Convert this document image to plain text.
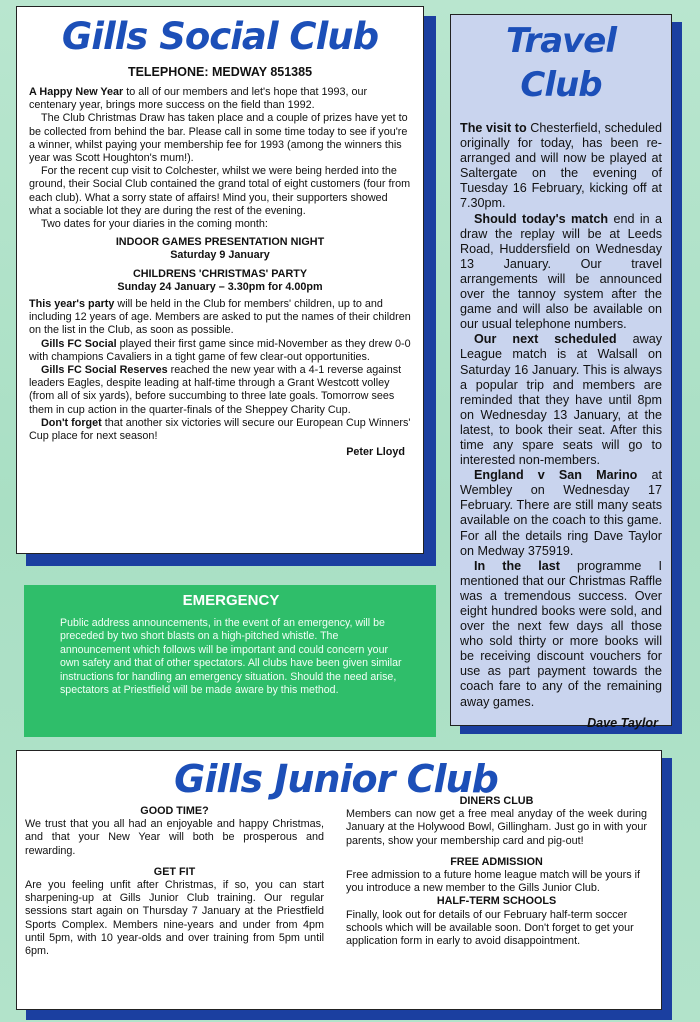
Gills Social Club

TELEPHONE: MEDWAY 851385

A Happy New Year to all of our members and let's hope that 1993, our centenary year, brings more success on the field than 1992.

The Club Christmas Draw has taken place and a couple of prizes have yet to be collected from behind the bar. Please call in some time today to see if you're a winner, whilst paying your membership fee for 1993 (among the winners this year was Scott Houghton's mum!).

For the recent cup visit to Colchester, whilst we were being herded into the ground, their Social Club contained the grand total of eight customers (four from each club). What a sorry state of affairs! Mind you, their supporters showed what a sociable lot they are during the rest of the evening.

Two dates for your diaries in the coming month:

INDOOR GAMES PRESENTATION NIGHT

Saturday 9 January

CHILDRENS 'CHRISTMAS' PARTY

Sunday 24 January – 3.30pm for 4.00pm

This year's party will be held in the Club for members' children, up to and including 12 years of age. Members are asked to put the names of their children on the list in the Club, as soon as possible.

Gills FC Social played their first game since mid-November as they drew 0-0 with champions Cavaliers in a tight game of few clear-out opportunities.

Gills FC Social Reserves reached the new year with a 4-1 reverse against leaders Eagles, despite leading at half-time through a Grant Westcott volley (from all of six yards), before succumbing to three late goals. Tomorrow sees them in cup action in the quarter-finals of the Sheppey Charity Cup.

Don't forget that another six victories will secure our European Cup Winners' Cup place for next season!

Peter Lloyd

Travel Club

The visit to Chesterfield, scheduled originally for today, has been re-arranged and will now be played at Saltergate on the evening of Tuesday 16 February, kicking off at 7.30pm.

Should today's match end in a draw the replay will be at Leeds Road, Huddersfield on Wednesday 13 January. Our travel arrangements will be announced over the tannoy system after the game and will also be available on our usual telephone numbers.

Our next scheduled away League match is at Walsall on Saturday 16 January. This is always a popular trip and members are reminded that they have until 8pm on Wednesday 13 January, at the latest, to book their seat. After this time any spare seats will go to interested non-members.

England v San Marino at Wembley on Wednesday 17 February. There are still many seats available on the coach to this game. For all the details ring Dave Taylor on Medway 375919.

In the last programme I mentioned that our Christmas Raffle was a tremendous success. Over eight hundred books were sold, and over the next few days all those who sold thirty or more books will be receiving discount vouchers for use as part payment towards the coach fare to any of the remaining away games.

Dave Taylor

EMERGENCY

Public address announcements, in the event of an emergency, will be preceded by two short blasts on a high-pitched whistle. The announcement which follows will be important and could concern your own safety and that of other spectators. All clubs have been given similar instructions for handling an emergency situation. Should the need arise, spectators at Priestfield will be made aware by this method.

Gills Junior Club

GOOD TIME?

We trust that you all had an enjoyable and happy Christmas, and that your New Year will both be prosperous and rewarding.

GET FIT

Are you feeling unfit after Christmas, if so, you can start sharpening-up at Gills Junior Club training. Our regular sessions start again on Thursday 7 January at the Priestfield Sports Complex. Members nine-years and under from 4pm until 5pm, with 10 year-olds and over training from 5pm until 6pm.

DINERS CLUB

Members can now get a free meal anyday of the week during January at the Holywood Bowl, Gillingham. Just go in with your parents, show your membership card and pig-out!

FREE ADMISSION

Free admission to a future home league match will be yours if you introduce a new member to the Gills Junior Club.

HALF-TERM SCHOOLS

Finally, look out for details of our February half-term soccer schools which will be available soon. Don't forget to get your application form in early to avoid disappointment.
